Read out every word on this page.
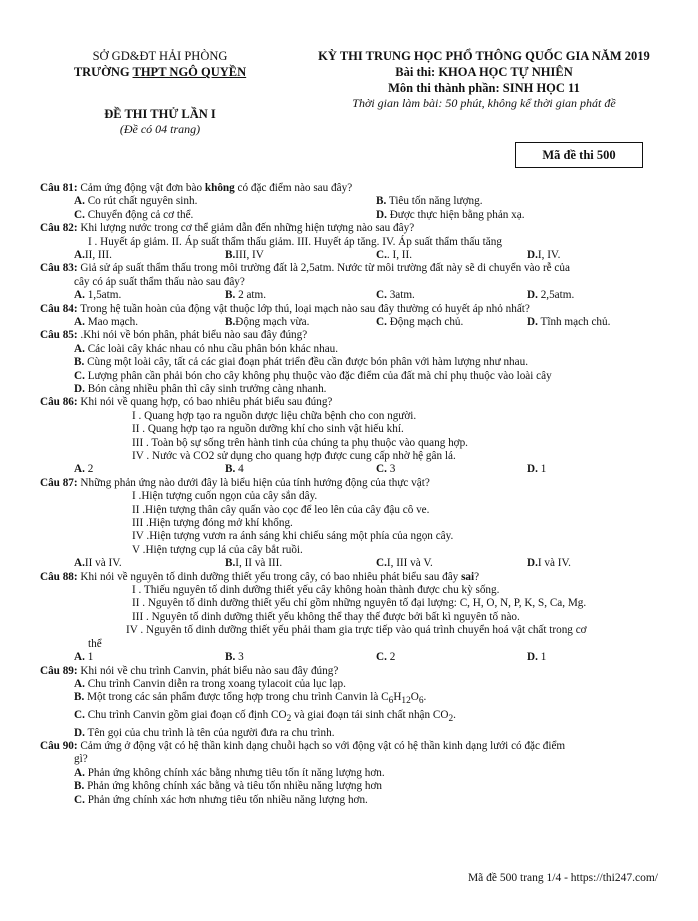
SỞ GD&ĐT HẢI PHÒNG
TRƯỜNG THPT NGÔ QUYỀN
ĐỀ THI THỬ LẦN I
(Đề có 04 trang)
KỲ THI TRUNG HỌC PHỔ THÔNG QUỐC GIA NĂM 2019
Bài thi: KHOA HỌC TỰ NHIÊN
Môn thi thành phần: SINH HỌC 11
Thời gian làm bài: 50 phút, không kể thời gian phát đề
Mã đề thi 500
Câu 81: Cảm ứng động vật đơn bào không có đặc điểm nào sau đây?
A. Co rút chất nguyên sinh.	B. Tiêu tốn năng lượng.
C. Chuyển động cả cơ thể.	D. Được thực hiện bằng phản xạ.
Câu 82: Khi lượng nước trong cơ thể giảm dẫn đến những hiện tượng nào sau đây?
I . Huyết áp giảm. II. Áp suất thẩm thấu giảm. III. Huyết áp tăng. IV. Áp suất thẩm thấu tăng
A.II, III.	B.III, IV	C.. I, II.	D.I, IV.
Câu 83: Giả sử áp suất thẩm thấu trong môi trường đất là 2,5atm. Nước từ môi trường đất này sẽ di chuyển vào rễ của
cây có áp suất thẩm thấu nào sau đây?
A. 1,5atm.	B. 2 atm.	C. 3atm.	D. 2,5atm.
Câu 84: Trong hệ tuần hoàn của động vật thuộc lớp thú, loại mạch nào sau đây thường có huyết áp nhỏ nhất?
A. Mao mạch.	B.Động mạch vừa.	C. Động mạch chủ.	D. Tĩnh mạch chủ.
Câu 85: .Khi nói về bón phân, phát biểu nào sau đây đúng?
A. Các loài cây khác nhau có nhu cầu phân bón khác nhau.
B. Cùng một loài cây, tất cả các giai đoạn phát triển đều cần được bón phân với hàm lượng như nhau.
C. Lượng phân cần phải bón cho cây không phụ thuộc vào đặc điểm của đất mà chỉ phụ thuộc vào loài cây
D. Bón càng nhiều phân thì cây sinh trưởng càng nhanh.
Câu 86: Khi nói về quang hợp, có bao nhiêu phát biểu sau đúng?
I . Quang hợp tạo ra nguồn dược liệu chữa bệnh cho con người.
II . Quang hợp tạo ra nguồn dưỡng khí cho sinh vật hiếu khí.
III . Toàn bộ sự sống trên hành tinh của chúng ta phụ thuộc vào quang hợp.
IV . Nước và CO2 sử dụng cho quang hợp được cung cấp nhờ hệ gân lá.
A. 2	B. 4	C. 3	D. 1
Câu 87: Những phản ứng nào dưới đây là biểu hiện của tính hướng động của thực vật?
I .Hiện tượng cuốn ngọn của cây sắn dây.
II .Hiện tượng thân cây quấn vào cọc để leo lên của cây đậu cô ve.
III .Hiện tượng đóng mở khí khổng.
IV .Hiện tượng vươn ra ánh sáng khi chiếu sáng một phía của ngọn cây.
V .Hiện tượng cụp lá của cây bắt ruồi.
A.II và IV.	B.I, II và III.	C.I, III và V.	D.I và IV.
Câu 88: Khi nói về nguyên tố dinh dưỡng thiết yếu trong cây, có bao nhiêu phát biểu sau đây sai?
I . Thiếu nguyên tố dinh dưỡng thiết yếu cây không hoàn thành được chu kỳ sống.
II . Nguyên tố dinh dưỡng thiết yếu chỉ gồm những nguyên tố đại lượng: C, H, O, N, P, K, S, Ca, Mg.
III . Nguyên tố dinh dưỡng thiết yếu không thể thay thế được bởi bất kì nguyên tố nào.
IV . Nguyên tố dinh dưỡng thiết yếu phải tham gia trực tiếp vào quá trình chuyển hoá vật chất trong cơ
thể
A. 1	B. 3	C. 2	D. 1
Câu 89: Khi nói về chu trình Canvin, phát biểu nào sau đây đúng?
A. Chu trình Canvin diễn ra trong xoang tylacoit của lục lạp.
B. Một trong các sản phẩm được tổng hợp trong chu trình Canvin là $C_6H_{12}O_6$.
C. Chu trình Canvin gồm giai đoạn cố định $CO_2$ và giai đoạn tái sinh chất nhận $CO_2$.
D. Tên gọi của chu trình là tên của người đưa ra chu trình.
Câu 90: Cảm ứng ở động vật có hệ thần kinh dạng chuỗi hạch so với động vật có hệ thần kinh dạng lưới có đặc điểm
gì?
A. Phản ứng không chính xác bằng nhưng tiêu tốn ít năng lượng hơn.
B. Phản ứng không chính xác bằng và tiêu tốn nhiều năng lượng hơn
C. Phản ứng chính xác hơn nhưng tiêu tốn nhiều năng lượng hơn.
Mã đề 500 trang 1/4 - https://thi247.com/
